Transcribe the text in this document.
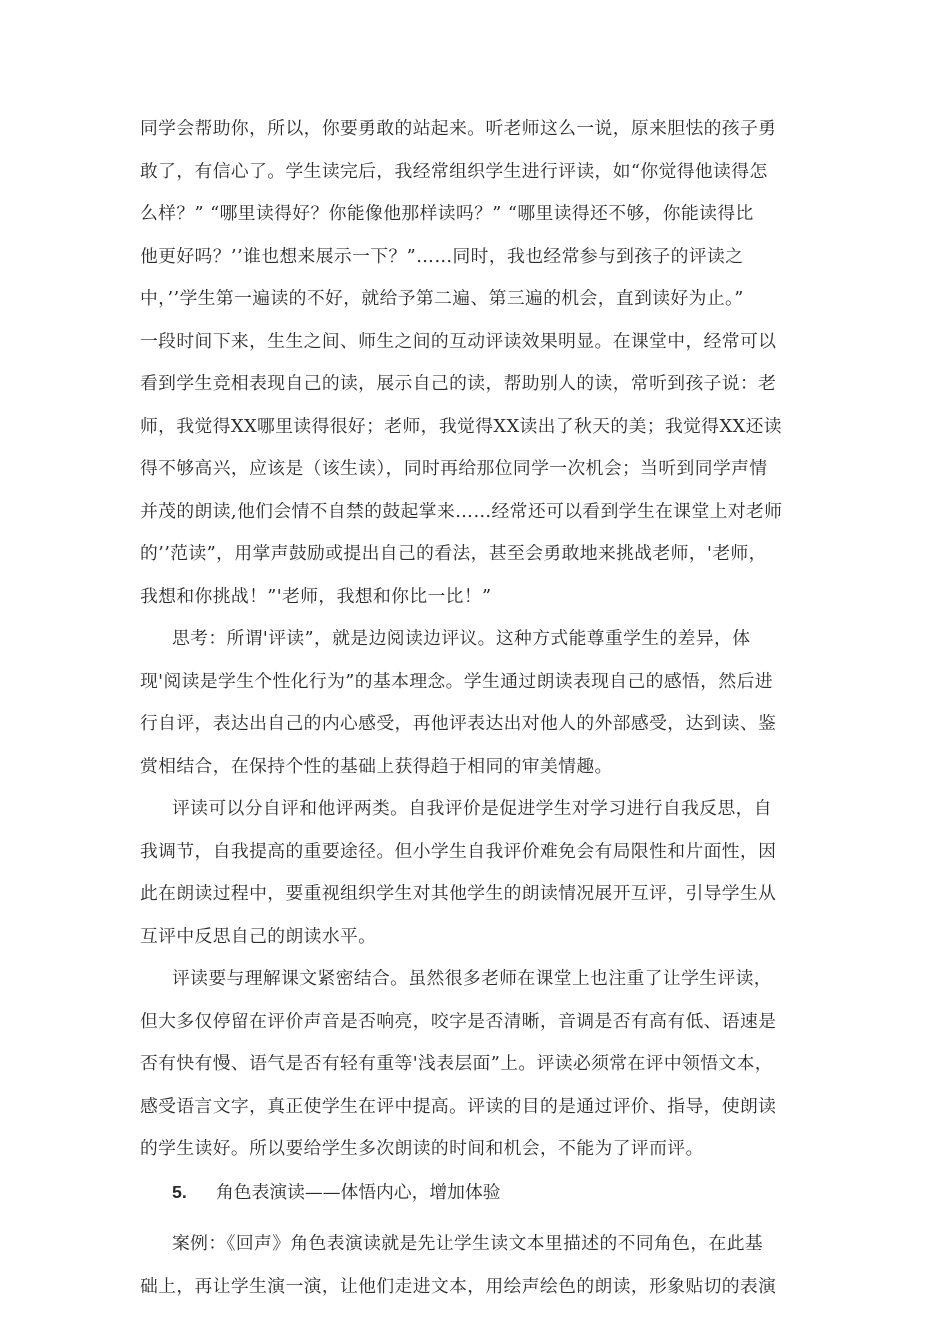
同学会帮助你，所以，你要勇敢的站起来。听老师这么一说，原来胆怯的孩子勇
敢了，有信心了。学生读完后，我经常组织学生进行评读，如“你觉得他读得怎
么样？” “哪里读得好？你能像他那样读吗？” “哪里读得还不够，你能读得比
他更好吗？’’谁也想来展示一下？”……同时，我也经常参与到孩子的评读之
中，’’学生第一遍读的不好，就给予第二遍、第三遍的机会，直到读好为止。”
一段时间下来，生生之间、师生之间的互动评读效果明显。在课堂中，经常可以
看到学生竞相表现自己的读，展示自己的读，帮助别人的读，常听到孩子说：老
师，我觉得XX哪里读得很好；老师，我觉得XX读出了秋天的美；我觉得XX还读
得不够高兴，应该是（该生读），同时再给那位同学一次机会；当听到同学声情
并茂的朗读,他们会情不自禁的鼓起掌来……经常还可以看到学生在课堂上对老师
的’’范读”，用掌声鼓励或提出自己的看法，甚至会勇敢地来挑战老师，'老师，
我想和你挑战！”'老师，我想和你比一比！”
思考：所谓'评读”，就是边阅读边评议。这种方式能尊重学生的差异，体
现'阅读是学生个性化行为”的基本理念。学生通过朗读表现自己的感悟，然后进
行自评，表达出自己的内心感受，再他评表达出对他人的外部感受，达到读、鉴
赏相结合，在保持个性的基础上获得趋于相同的审美情趣。
评读可以分自评和他评两类。自我评价是促进学生对学习进行自我反思，自
我调节，自我提高的重要途径。但小学生自我评价难免会有局限性和片面性，因
此在朗读过程中，要重视组织学生对其他学生的朗读情况展开互评，引导学生从
互评中反思自己的朗读水平。
评读要与理解课文紧密结合。虽然很多老师在课堂上也注重了让学生评读，
但大多仅停留在评价声音是否响亮，咬字是否清晰，音调是否有高有低、语速是
否有快有慢、语气是否有轻有重等'浅表层面”上。评读必须常在评中领悟文本，
感受语言文字，真正使学生在评中提高。评读的目的是通过评价、指导，使朗读
的学生读好。所以要给学生多次朗读的时间和机会，不能为了评而评。
5. 角色表演读——体悟内心，增加体验
案例：《回声》角色表演读就是先让学生读文本里描述的不同角色，在此基
础上，再让学生演一演，让他们走进文本，用绘声绘色的朗读，形象贴切的表演
